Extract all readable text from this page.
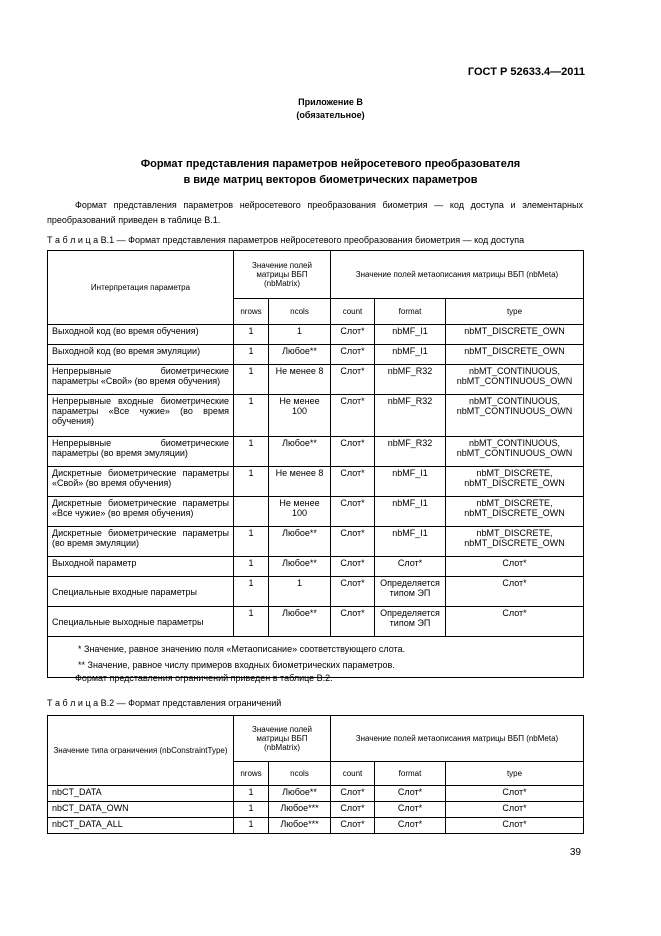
ГОСТ Р 52633.4—2011
Приложение В
(обязательное)
Формат представления параметров нейросетевого преобразователя
в виде матриц векторов биометрических параметров
Формат представления параметров нейросетевого преобразования биометрия — код доступа и элементарных преобразований приведен в таблице В.1.
Т а б л и ц а В.1 — Формат представления параметров нейросетевого преобразования биометрия — код доступа
Интерпретация параметра	Значение полей матрицы ВБП (nbMatrix)		Значение полей метаописания матрицы ВБП (nbMeta)		
	nrows	ncols	count	format	type
Выходной код (во время обучения)	1	1	Слот*	nbMF_I1	nbMT_DISCRETE_OWN
Выходной код (во время эмуляции)	1	Любое**	Слот*	nbMF_I1	nbMT_DISCRETE_OWN
Непрерывные биометрические параметры «Свой» (во время обучения)	1	Не менее 8	Слот*	nbMF_R32	nbMT_CONTINUOUS, nbMT_CONTINUOUS_OWN
Непрерывные входные биометрические параметры «Все чужие» (во время обучения)	1	Не менее 100	Слот*	nbMF_R32	nbMT_CONTINUOUS, nbMT_CONTINUOUS_OWN
Непрерывные биометрические параметры (во время эмуляции)	1	Любое**	Слот*	nbMF_R32	nbMT_CONTINUOUS, nbMT_CONTINUOUS_OWN
Дискретные биометрические параметры «Свой» (во время обучения)	1	Не менее 8	Слот*	nbMF_I1	nbMT_DISCRETE, nbMT_DISCRETE_OWN
Дискретные биометрические параметры «Все чужие» (во время обучения)		Не менее 100	Слот*	nbMF_I1	nbMT_DISCRETE, nbMT_DISCRETE_OWN
Дискретные биометрические параметры (во время эмуляции)	1	Любое**	Слот*	nbMF_I1	nbMT_DISCRETE, nbMT_DISCRETE_OWN
Выходной параметр	1	Любое**	Слот*	Слот*	Слот*
Специальные входные параметры	1	1	Слот*	Определяется типом ЭП	Слот*
Специальные выходные параметры	1	Любое**	Слот*	Определяется типом ЭП	Слот*

* Значение, равное значению поля «Метаописание» соответствующего слота.
** Значение, равное числу примеров входных биометрических параметров.					
Формат представления ограничений приведен в таблице В.2.
Т а б л и ц а В.2 — Формат представления ограничений
Значение типа ограничения (nbConstraintType)	Значение полей матрицы ВБП (nbMatrix)		Значение полей метаописания матрицы ВБП (nbMeta)		
	nrows	ncols	count	format	type
nbCT_DATA	1	Любое**	Слот*	Слот*	Слот*
nbCT_DATA_OWN	1	Любое***	Слот*	Слот*	Слот*
nbCT_DATA_ALL	1	Любое***	Слот*	Слот*	Слот*
39
